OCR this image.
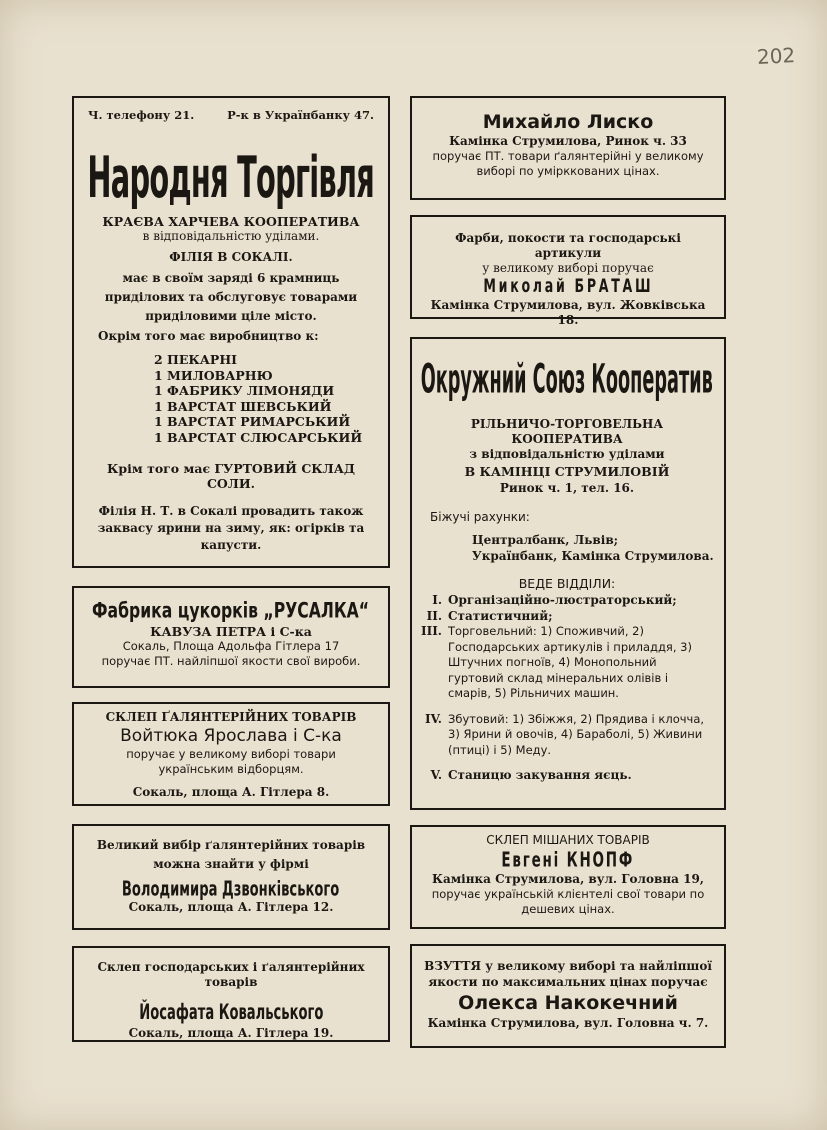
202
Ч. телефону 21.	Р-к в Українбанку 47.
Народня Торгівля
КРАЄВА ХАРЧЕВА КООПЕРАТИВА
в відповідальністю уділами.
ФІЛІЯ В СОКАЛІ.
має в своїм заряді 6 крамниць приділових та обслуговує товарами приділовими ціле місто.
Окрім того має виробництво к:
2 ПЕКАРНІ
1 МИЛОВАРНЮ
1 ФАБРИКУ ЛІМОНЯДИ
1 ВАРСТАТ ШЕВСЬКИЙ
1 ВАРСТАТ РИМАРСЬКИЙ
1 ВАРСТАТ СЛЮСАРСЬКИЙ
Крім того має ГУРТОВИЙ СКЛАД СОЛИ.
Філія Н. Т. в Сокалі провадить також заквасу ярини на зиму, як: огірків та капусти.
Фабрика цукорків „РУСАЛКА“
КАВУЗА ПЕТРА і С-ка
Сокаль, Площа Адольфа Гітлера 17
поручає ПТ. найліпшої якости свої вироби.
СКЛЕП ҐАЛЯНТЕРІЙНИХ ТОВАРІВ
Войтюка Ярослава і С-ка
поручає у великому виборі товари українським відборцям.
Сокаль, площа А. Гітлера 8.
Великий вибір ґалянтерійних товарів можна знайти у фірмі
Володимира Дзвонківського
Сокаль, площа А. Гітлера 12.
Склеп господарських і ґалянтерійних товарів
Йосафата Ковальського
Сокаль, площа А. Гітлера 19.
Михайло Лиско
Камінка Струмилова, Ринок ч. 33
поручає ПТ. товари ґалянтерійні у великому виборі по умірккованих цінах.
Фарби, покости та господарські артикули
у великому виборі поручає
Миколай БРАТАШ
Камінка Струмилова, вул. Жовківська 18.
Окружний Союз Кооператив
РІЛЬНИЧО-ТОРГОВЕЛЬНА КООПЕРАТИВА
з відповідальністю уділами
В КАМІНЦІ СТРУМИЛОВІЙ
Ринок ч. 1, тел. 16.
Біжучі рахунки:
Централбанк, Львів;
Українбанк, Камінка Струмилова.
ВЕДЕ ВІДДІЛИ:
I. Організаційно-люстраторський;
II. Статистичний;
III. Торговельний: 1) Споживчий, 2) Господарських артикулів і приладдя, 3) Штучних погноїв, 4) Монопольний гуртовий склад мінеральних олівів і смарів, 5) Рільничих машин.
IV. Збутовий: 1) Збіжжя, 2) Прядива і клочча, 3) Ярини й овочів, 4) Бараболі, 5) Живини (птиці) і 5) Меду.
V. Станицю закування яєць.
СКЛЕП МІШАНИХ ТОВАРІВ
Евгені КНОПФ
Камінка Струмилова, вул. Головна 19,
поручає українській клієнтелі свої товари по дешевих цінах.
ВЗУТТЯ у великому виборі та найліпшої якости по максимальних цінах поручає
Олекса Накокечний
Камінка Струмилова, вул. Головна ч. 7.
